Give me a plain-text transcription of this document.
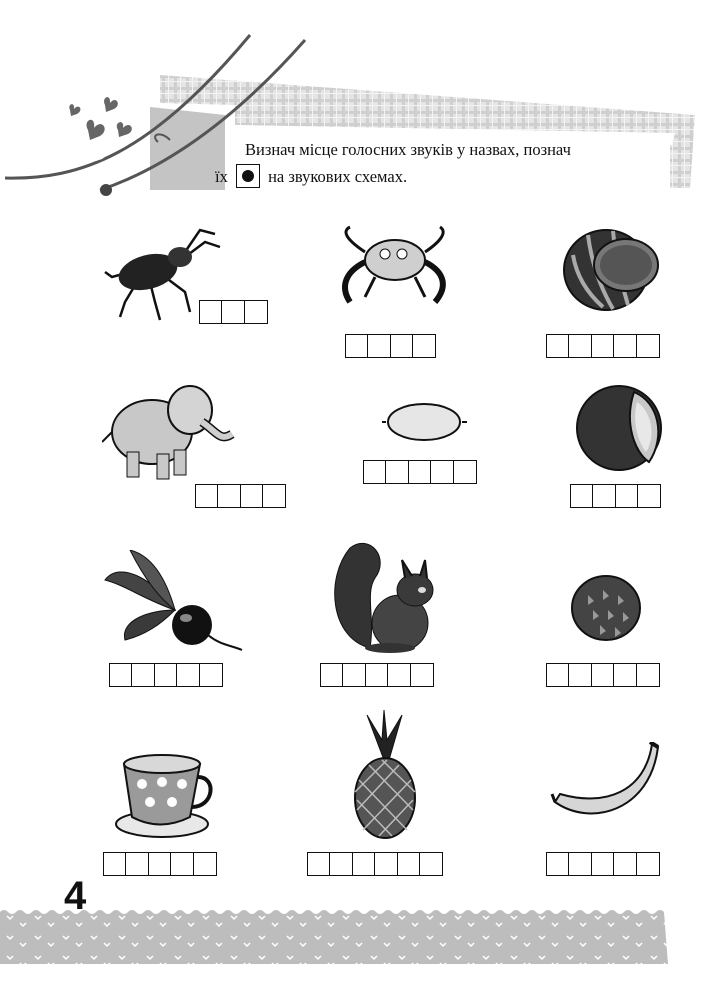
Визнач місце голосних звуків у назвах, познач
їх на звукових схемах.
4
